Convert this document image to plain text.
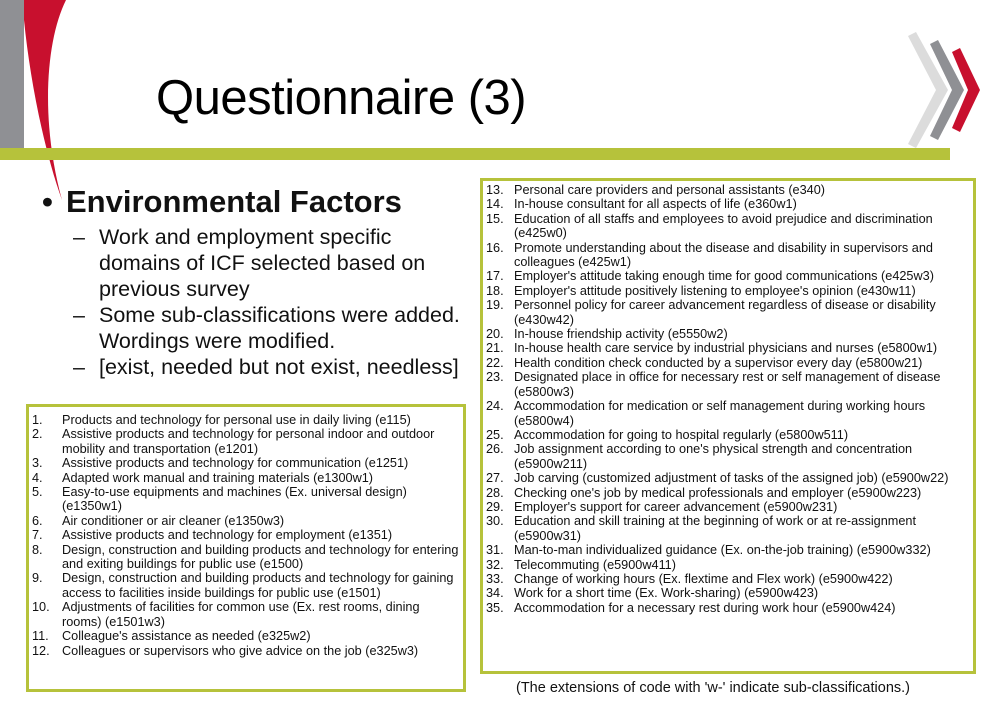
Questionnaire (3)
• Environmental Factors
– Work and employment specific domains of ICF selected based on previous survey
– Some sub-classifications were added. Wordings were modified.
– [exist, needed but not exist, needless]
1. Products and technology for personal use in daily living (e115)
2. Assistive products and technology for personal indoor and outdoor mobility and transportation (e1201)
3. Assistive products and technology for communication (e1251)
4. Adapted work manual and training materials (e1300w1)
5. Easy-to-use equipments and machines (Ex. universal design) (e1350w1)
6. Air conditioner or air cleaner (e1350w3)
7. Assistive products and technology for employment (e1351)
8. Design, construction and building products and technology for entering and exiting buildings for public use (e1500)
9. Design, construction and building products and technology for gaining access to facilities inside buildings for public use (e1501)
10. Adjustments of facilities for common use (Ex. rest rooms, dining rooms) (e1501w3)
11. Colleague's assistance as needed (e325w2)
12. Colleagues or supervisors who give advice on the job (e325w3)
13. Personal care providers and personal assistants (e340)
14. In-house consultant for all aspects of life (e360w1)
15. Education of all staffs and employees to avoid prejudice and discrimination (e425w0)
16. Promote understanding about the disease and disability in supervisors and colleagues (e425w1)
17. Employer's attitude taking enough time for good communications (e425w3)
18. Employer's attitude positively listening to employee's opinion (e430w11)
19. Personnel policy for career advancement regardless of disease or disability (e430w42)
20. In-house friendship activity (e5550w2)
21. In-house health care service by industrial physicians and nurses (e5800w1)
22. Health condition check conducted by a supervisor every day (e5800w21)
23. Designated place in office for necessary rest or self management of disease (e5800w3)
24. Accommodation for medication or self management during working hours (e5800w4)
25. Accommodation for going to hospital regularly (e5800w511)
26. Job assignment according to one's physical strength and concentration (e5900w211)
27. Job carving (customized adjustment of tasks of the assigned job) (e5900w22)
28. Checking one's job by medical professionals and employer (e5900w223)
29. Employer's support for career advancement (e5900w231)
30. Education and skill training at the beginning of work or at re-assignment (e5900w31)
31. Man-to-man individualized guidance (Ex. on-the-job training) (e5900w332)
32. Telecommuting (e5900w411)
33. Change of working hours (Ex. flextime and Flex work) (e5900w422)
34. Work for a short time (Ex. Work-sharing) (e5900w423)
35. Accommodation for a necessary rest during work hour (e5900w424)
(The extensions of code with 'w-' indicate sub-classifications.)
